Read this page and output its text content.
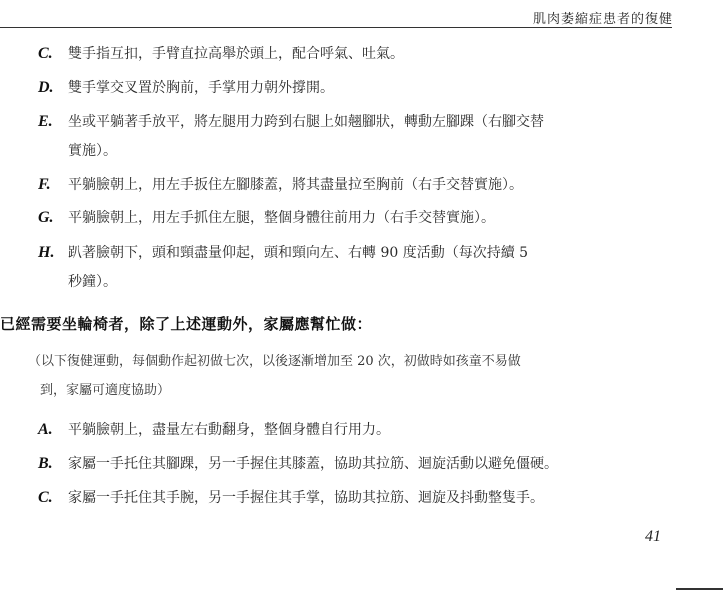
肌肉萎縮症患者的復健
C. 雙手指互扣，手臂直拉高舉於頭上，配合呼氣、吐氣。
D. 雙手掌交叉置於胸前，手掌用力朝外撐開。
E. 坐或平躺著手放平，將左腿用力跨到右腿上如翹腳狀，轉動左腳踝（右腳交替
實施）。
F. 平躺臉朝上，用左手扳住左腳膝蓋，將其盡量拉至胸前（右手交替實施）。
G. 平躺臉朝上，用左手抓住左腿，整個身體往前用力（右手交替實施）。
H. 趴著臉朝下，頭和頸盡量仰起，頭和頸向左、右轉 90 度活動（每次持續 5
秒鐘）。
已經需要坐輪椅者，除了上述運動外，家屬應幫忙做：
（以下復健運動，每個動作起初做七次，以後逐漸增加至 20 次，初做時如孩童不易做
到，家屬可適度協助）
A. 平躺臉朝上，盡量左右動翻身，整個身體自行用力。
B. 家屬一手托住其腳踝，另一手握住其膝蓋，協助其拉筋、迴旋活動以避免僵硬。
C. 家屬一手托住其手腕，另一手握住其手掌，協助其拉筋、迴旋及抖動整隻手。
41
